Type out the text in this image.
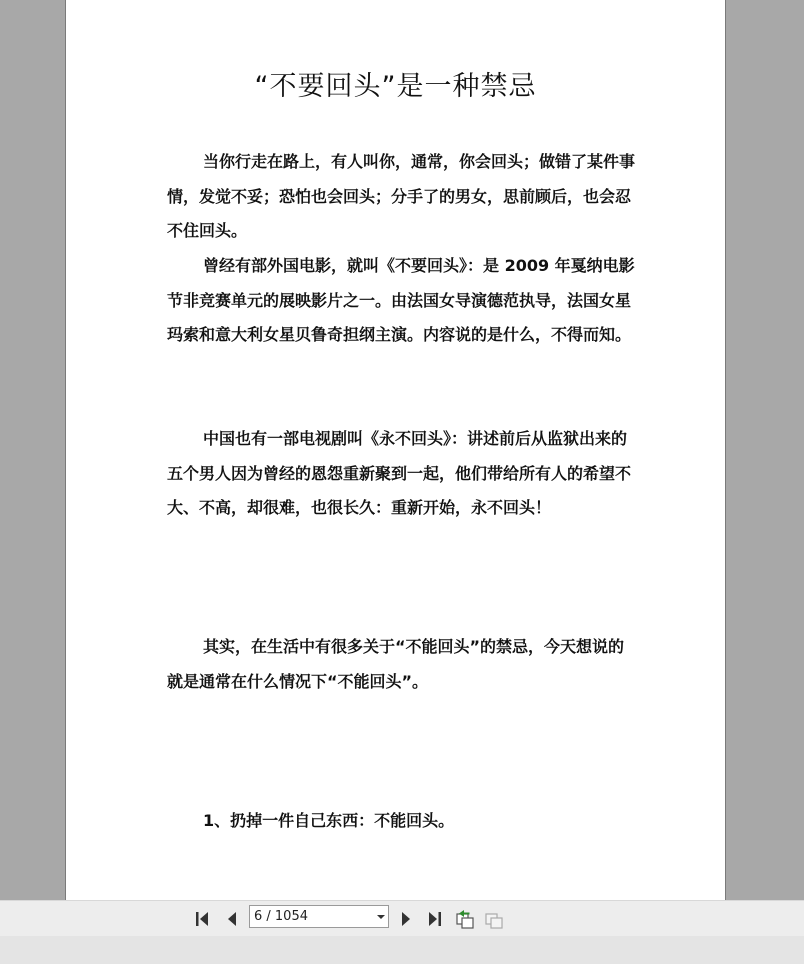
“不要回头”是一种禁忌

当你行走在路上，有人叫你，通常，你会回头；做错了某件事情，发觉不妥；恐怕也会回头；分手了的男女，思前顾后，也会忍不住回头。

曾经有部外国电影，就叫《不要回头》：是 2009 年戛纳电影节非竞赛单元的展映影片之一。由法国女导演德范执导，法国女星玛索和意大利女星贝鲁奇担纲主演。内容说的是什么，不得而知。

中国也有一部电视剧叫《永不回头》：讲述前后从监狱出来的五个男人因为曾经的恩怨重新聚到一起，他们带给所有人的希望不大、不高，却很难，也很长久：重新开始，永不回头！

其实，在生活中有很多关于“不能回头”的禁忌，今天想说的就是通常在什么情况下“不能回头”。

1、扔掉一件自己东西：不能回头。

6 / 1054
